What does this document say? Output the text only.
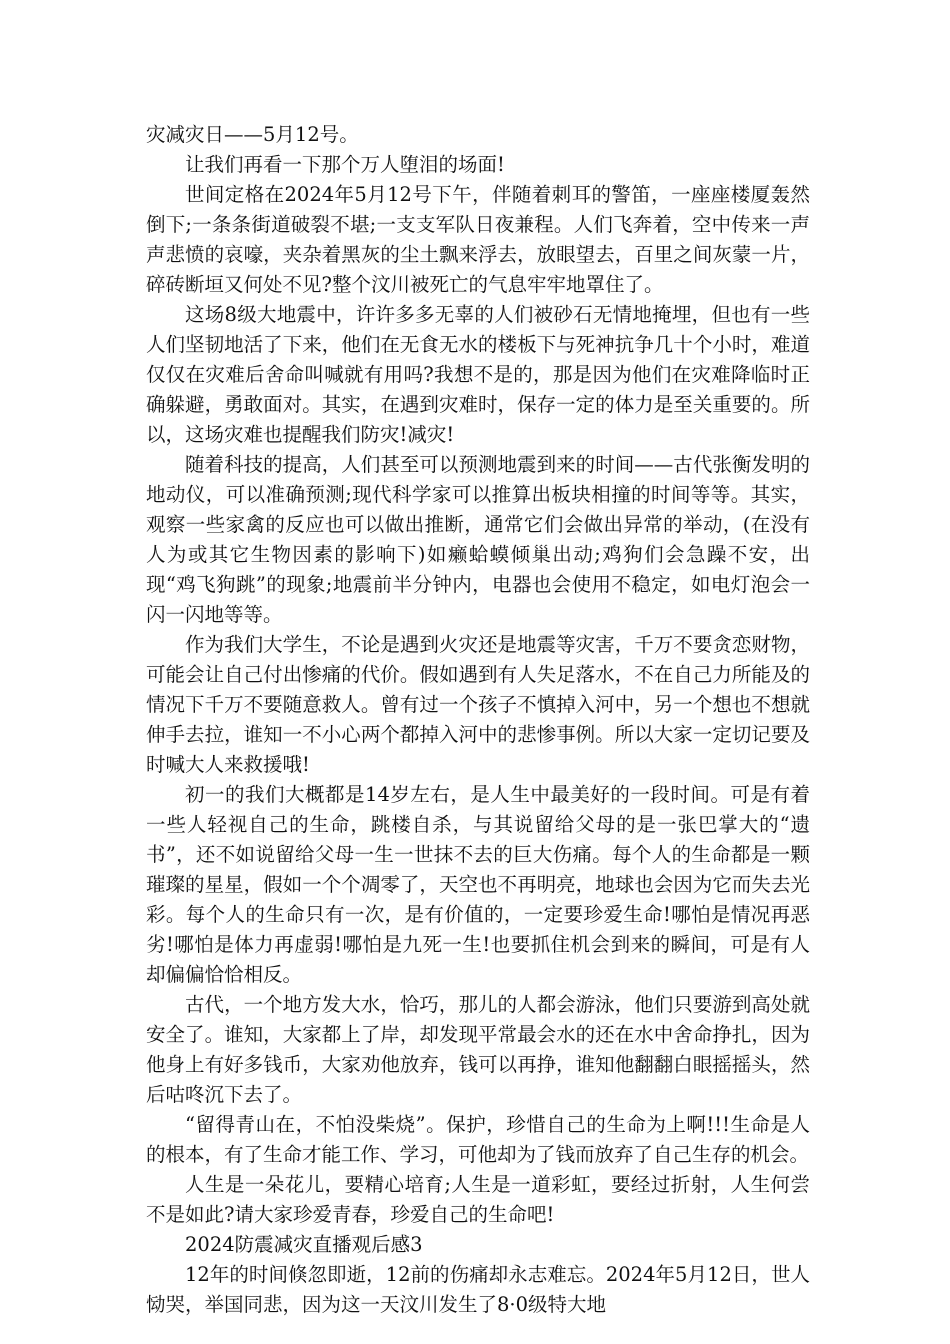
灾减灾日——5月12号。

让我们再看一下那个万人堕泪的场面!

世间定格在2024年5月12号下午，伴随着刺耳的警笛，一座座楼厦轰然倒下;一条条街道破裂不堪;一支支军队日夜兼程。人们飞奔着，空中传来一声声悲愤的哀嚎，夹杂着黑灰的尘土飘来浮去，放眼望去，百里之间灰蒙一片，碎砖断垣又何处不见?整个汶川被死亡的气息牢牢地罩住了。

这场8级大地震中，许许多多无辜的人们被砂石无情地掩埋，但也有一些人们坚韧地活了下来，他们在无食无水的楼板下与死神抗争几十个小时，难道仅仅在灾难后舍命叫喊就有用吗?我想不是的，那是因为他们在灾难降临时正确躲避，勇敢面对。其实，在遇到灾难时，保存一定的体力是至关重要的。所以，这场灾难也提醒我们防灾!减灾!

随着科技的提高，人们甚至可以预测地震到来的时间——古代张衡发明的地动仪，可以准确预测;现代科学家可以推算出板块相撞的时间等等。其实，观察一些家禽的反应也可以做出推断，通常它们会做出异常的举动，(在没有人为或其它生物因素的影响下)如癞蛤蟆倾巢出动;鸡狗们会急躁不安，出现“鸡飞狗跳”的现象;地震前半分钟内，电器也会使用不稳定，如电灯泡会一闪一闪地等等。

作为我们大学生，不论是遇到火灾还是地震等灾害，千万不要贪恋财物，可能会让自己付出惨痛的代价。假如遇到有人失足落水，不在自己力所能及的情况下千万不要随意救人。曾有过一个孩子不慎掉入河中，另一个想也不想就伸手去拉，谁知一不小心两个都掉入河中的悲惨事例。所以大家一定切记要及时喊大人来救援哦!

初一的我们大概都是14岁左右，是人生中最美好的一段时间。可是有着一些人轻视自己的生命，跳楼自杀，与其说留给父母的是一张巴掌大的“遗书”，还不如说留给父母一生一世抹不去的巨大伤痛。每个人的生命都是一颗璀璨的星星，假如一个个凋零了，天空也不再明亮，地球也会因为它而失去光彩。每个人的生命只有一次，是有价值的，一定要珍爱生命!哪怕是情况再恶劣!哪怕是体力再虚弱!哪怕是九死一生!也要抓住机会到来的瞬间，可是有人却偏偏恰恰相反。

古代，一个地方发大水，恰巧，那儿的人都会游泳，他们只要游到高处就安全了。谁知，大家都上了岸，却发现平常最会水的还在水中舍命挣扎，因为他身上有好多钱币，大家劝他放弃，钱可以再挣，谁知他翻翻白眼摇摇头，然后咕咚沉下去了。

“留得青山在，不怕没柴烧”。保护，珍惜自己的生命为上啊!!!生命是人的根本，有了生命才能工作、学习，可他却为了钱而放弃了自己生存的机会。

人生是一朵花儿，要精心培育;人生是一道彩虹，要经过折射，人生何尝不是如此?请大家珍爱青春，珍爱自己的生命吧!

2024防震减灾直播观后感3

12年的时间倏忽即逝，12前的伤痛却永志难忘。2024年5月12日，世人恸哭，举国同悲，因为这一天汶川发生了8·0级特大地
